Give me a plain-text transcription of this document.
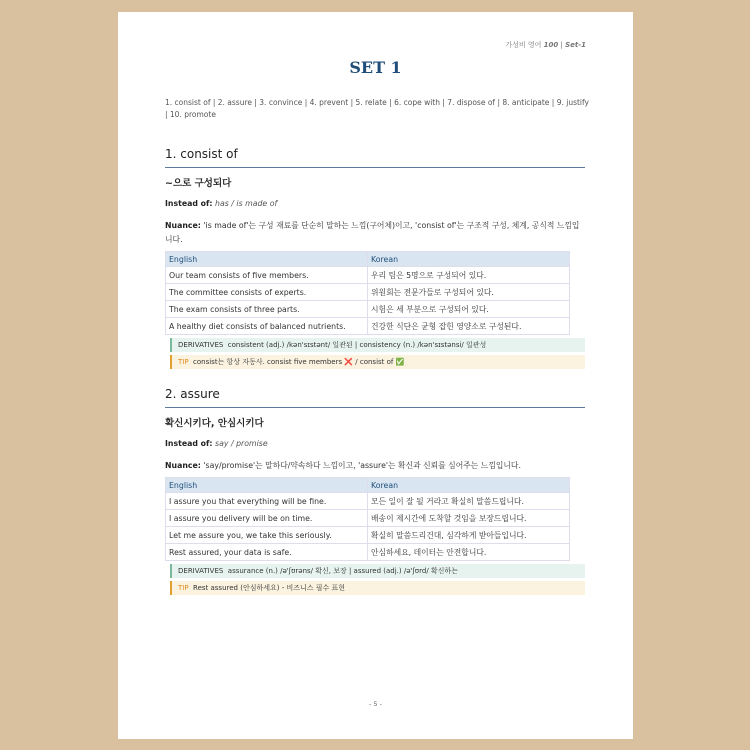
가성비 영어 100 | Set-1
SET 1
1. consist of | 2. assure | 3. convince | 4. prevent | 5. relate | 6. cope with | 7. dispose of | 8. anticipate | 9. justify | 10. promote
1. consist of
~으로 구성되다
Instead of: has / is made of
Nuance: 'is made of'는 구성 재료를 단순히 말하는 느낌(구어체)이고, 'consist of'는 구조적 구성, 체계, 공식적 느낌입니다.
English	Korean
Our team consists of five members.	우리 팀은 5명으로 구성되어 있다.
The committee consists of experts.	위원회는 전문가들로 구성되어 있다.
The exam consists of three parts.	시험은 세 부분으로 구성되어 있다.
A healthy diet consists of balanced nutrients.	건강한 식단은 균형 잡힌 영양소로 구성된다.
DERIVATIVES consistent (adj.) /kən'sɪstənt/ 일관된 | consistency (n.) /kən'sɪstənsi/ 일관성
TIP consist는 항상 자동사. consist five members ❌ / consist of ✅
2. assure
확신시키다, 안심시키다
Instead of: say / promise
Nuance: 'say/promise'는 말하다/약속하다 느낌이고, 'assure'는 확신과 신뢰를 심어주는 느낌입니다.
English	Korean
I assure you that everything will be fine.	모든 일이 잘 될 거라고 확실히 말씀드립니다.
I assure you delivery will be on time.	배송이 제시간에 도착할 것임을 보장드립니다.
Let me assure you, we take this seriously.	확실히 말씀드리건대, 심각하게 받아들입니다.
Rest assured, your data is safe.	안심하세요, 데이터는 안전합니다.
DERIVATIVES assurance (n.) /ə'ʃʊrəns/ 확신, 보장 | assured (adj.) /ə'ʃʊrd/ 확신하는
TIP Rest assured (안심하세요) - 비즈니스 필수 표현
- 5 -
